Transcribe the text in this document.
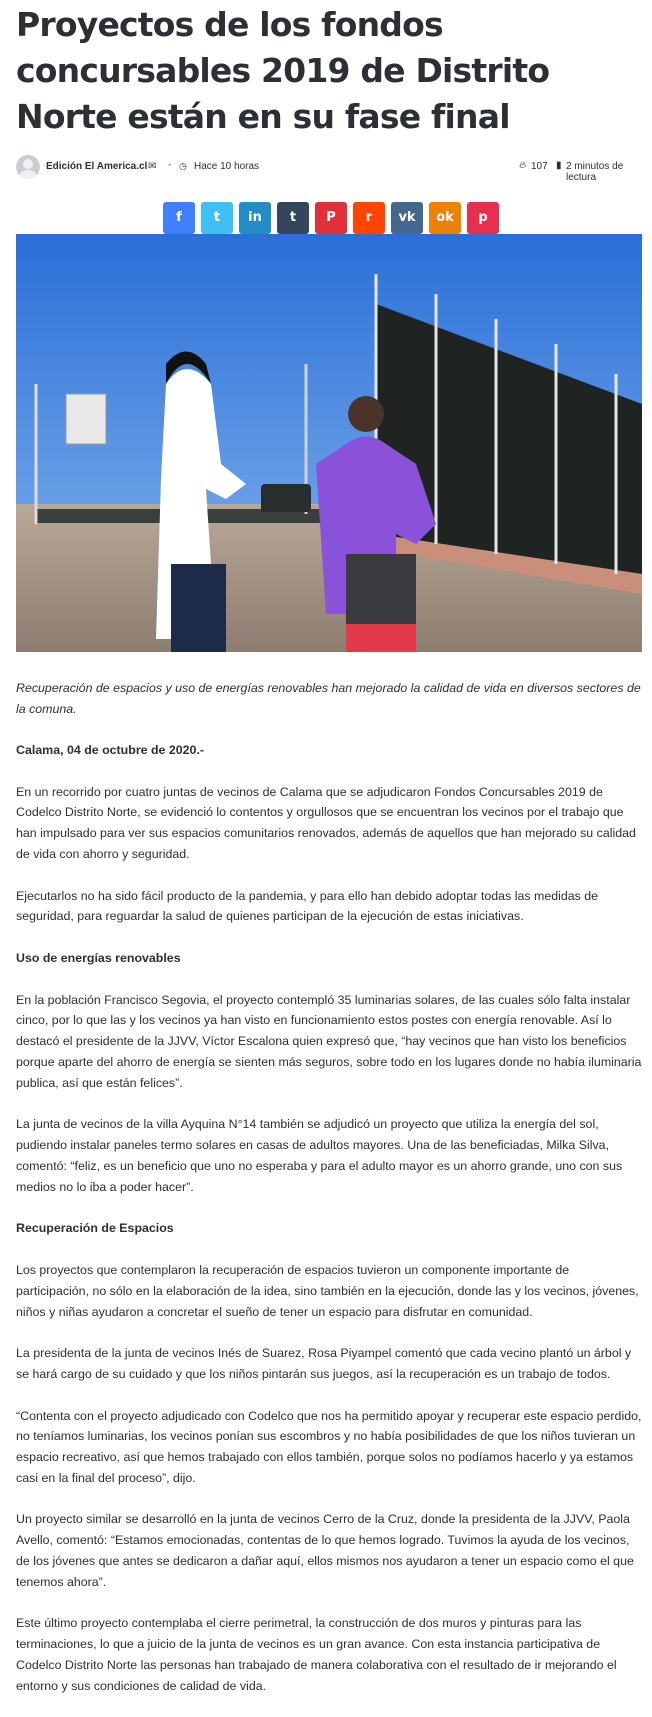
Proyectos de los fondos concursables 2019 de Distrito Norte están en su fase final
Edición El America.cl ✉ • ◷ Hace 10 horas	🔥︎ 107 ▮ 2 minutos de lectura
f	t	in	t	P	r	vk	ok	p
Recuperación de espacios y uso de energías renovables han mejorado la calidad de vida en diversos sectores de la comuna.

Calama, 04 de octubre de 2020.-

En un recorrido por cuatro juntas de vecinos de Calama que se adjudicaron Fondos Concursables 2019 de Codelco Distrito Norte, se evidenció lo contentos y orgullosos que se encuentran los vecinos por el trabajo que han impulsado para ver sus espacios comunitarios renovados, además de aquellos que han mejorado su calidad de vida con ahorro y seguridad.

Ejecutarlos no ha sido fácil producto de la pandemia, y para ello han debido adoptar todas las medidas de seguridad, para reguardar la salud de quienes participan de la ejecución de estas iniciativas.

Uso de energías renovables

En la población Francisco Segovia, el proyecto contempló 35 luminarias solares, de las cuales sólo falta instalar cinco, por lo que las y los vecinos ya han visto en funcionamiento estos postes con energía renovable. Así lo destacó el presidente de la JJVV, Víctor Escalona quien expresó que, “hay vecinos que han visto los beneficios porque aparte del ahorro de energía se sienten más seguros, sobre todo en los lugares donde no había iluminaria publica, así que están felices”.

La junta de vecinos de la villa Ayquina N°14 también se adjudicó un proyecto que utiliza la energía del sol, pudiendo instalar paneles termo solares en casas de adultos mayores. Una de las beneficiadas, Milka Silva, comentó: “feliz, es un beneficio que uno no esperaba y para el adulto mayor es un ahorro grande, uno con sus medios no lo iba a poder hacer”.

Recuperación de Espacios

Los proyectos que contemplaron la recuperación de espacios tuvieron un componente importante de participación, no sólo en la elaboración de la idea, sino también en la ejecución, donde las y los vecinos, jóvenes, niños y niñas ayudaron a concretar el sueño de tener un espacio para disfrutar en comunidad.

La presidenta de la junta de vecinos Inés de Suarez, Rosa Piyampel comentó que cada vecino plantó un árbol y se hará cargo de su cuidado y que los niños pintarán sus juegos, así la recuperación es un trabajo de todos.

“Contenta con el proyecto adjudicado con Codelco que nos ha permitido apoyar y recuperar este espacio perdido, no teníamos luminarias, los vecinos ponían sus escombros y no había posibilidades de que los niños tuvieran un espacio recreativo, así que hemos trabajado con ellos también, porque solos no podíamos hacerlo y ya estamos casi en la final del proceso”, dijo.

Un proyecto similar se desarrolló en la junta de vecinos Cerro de la Cruz, donde la presidenta de la JJVV, Paola Avello, comentó: “Estamos emocionadas, contentas de lo que hemos logrado. Tuvimos la ayuda de los vecinos, de los jóvenes que antes se dedicaron a dañar aquí, ellos mismos nos ayudaron a tener un espacio como el que tenemos ahora”.

Este último proyecto contemplaba el cierre perimetral, la construcción de dos muros y pinturas para las terminaciones, lo que a juicio de la junta de vecinos es un gran avance. Con esta instancia participativa de Codelco Distrito Norte las personas han trabajado de manera colaborativa con el resultado de ir mejorando el entorno y sus condiciones de calidad de vida.
